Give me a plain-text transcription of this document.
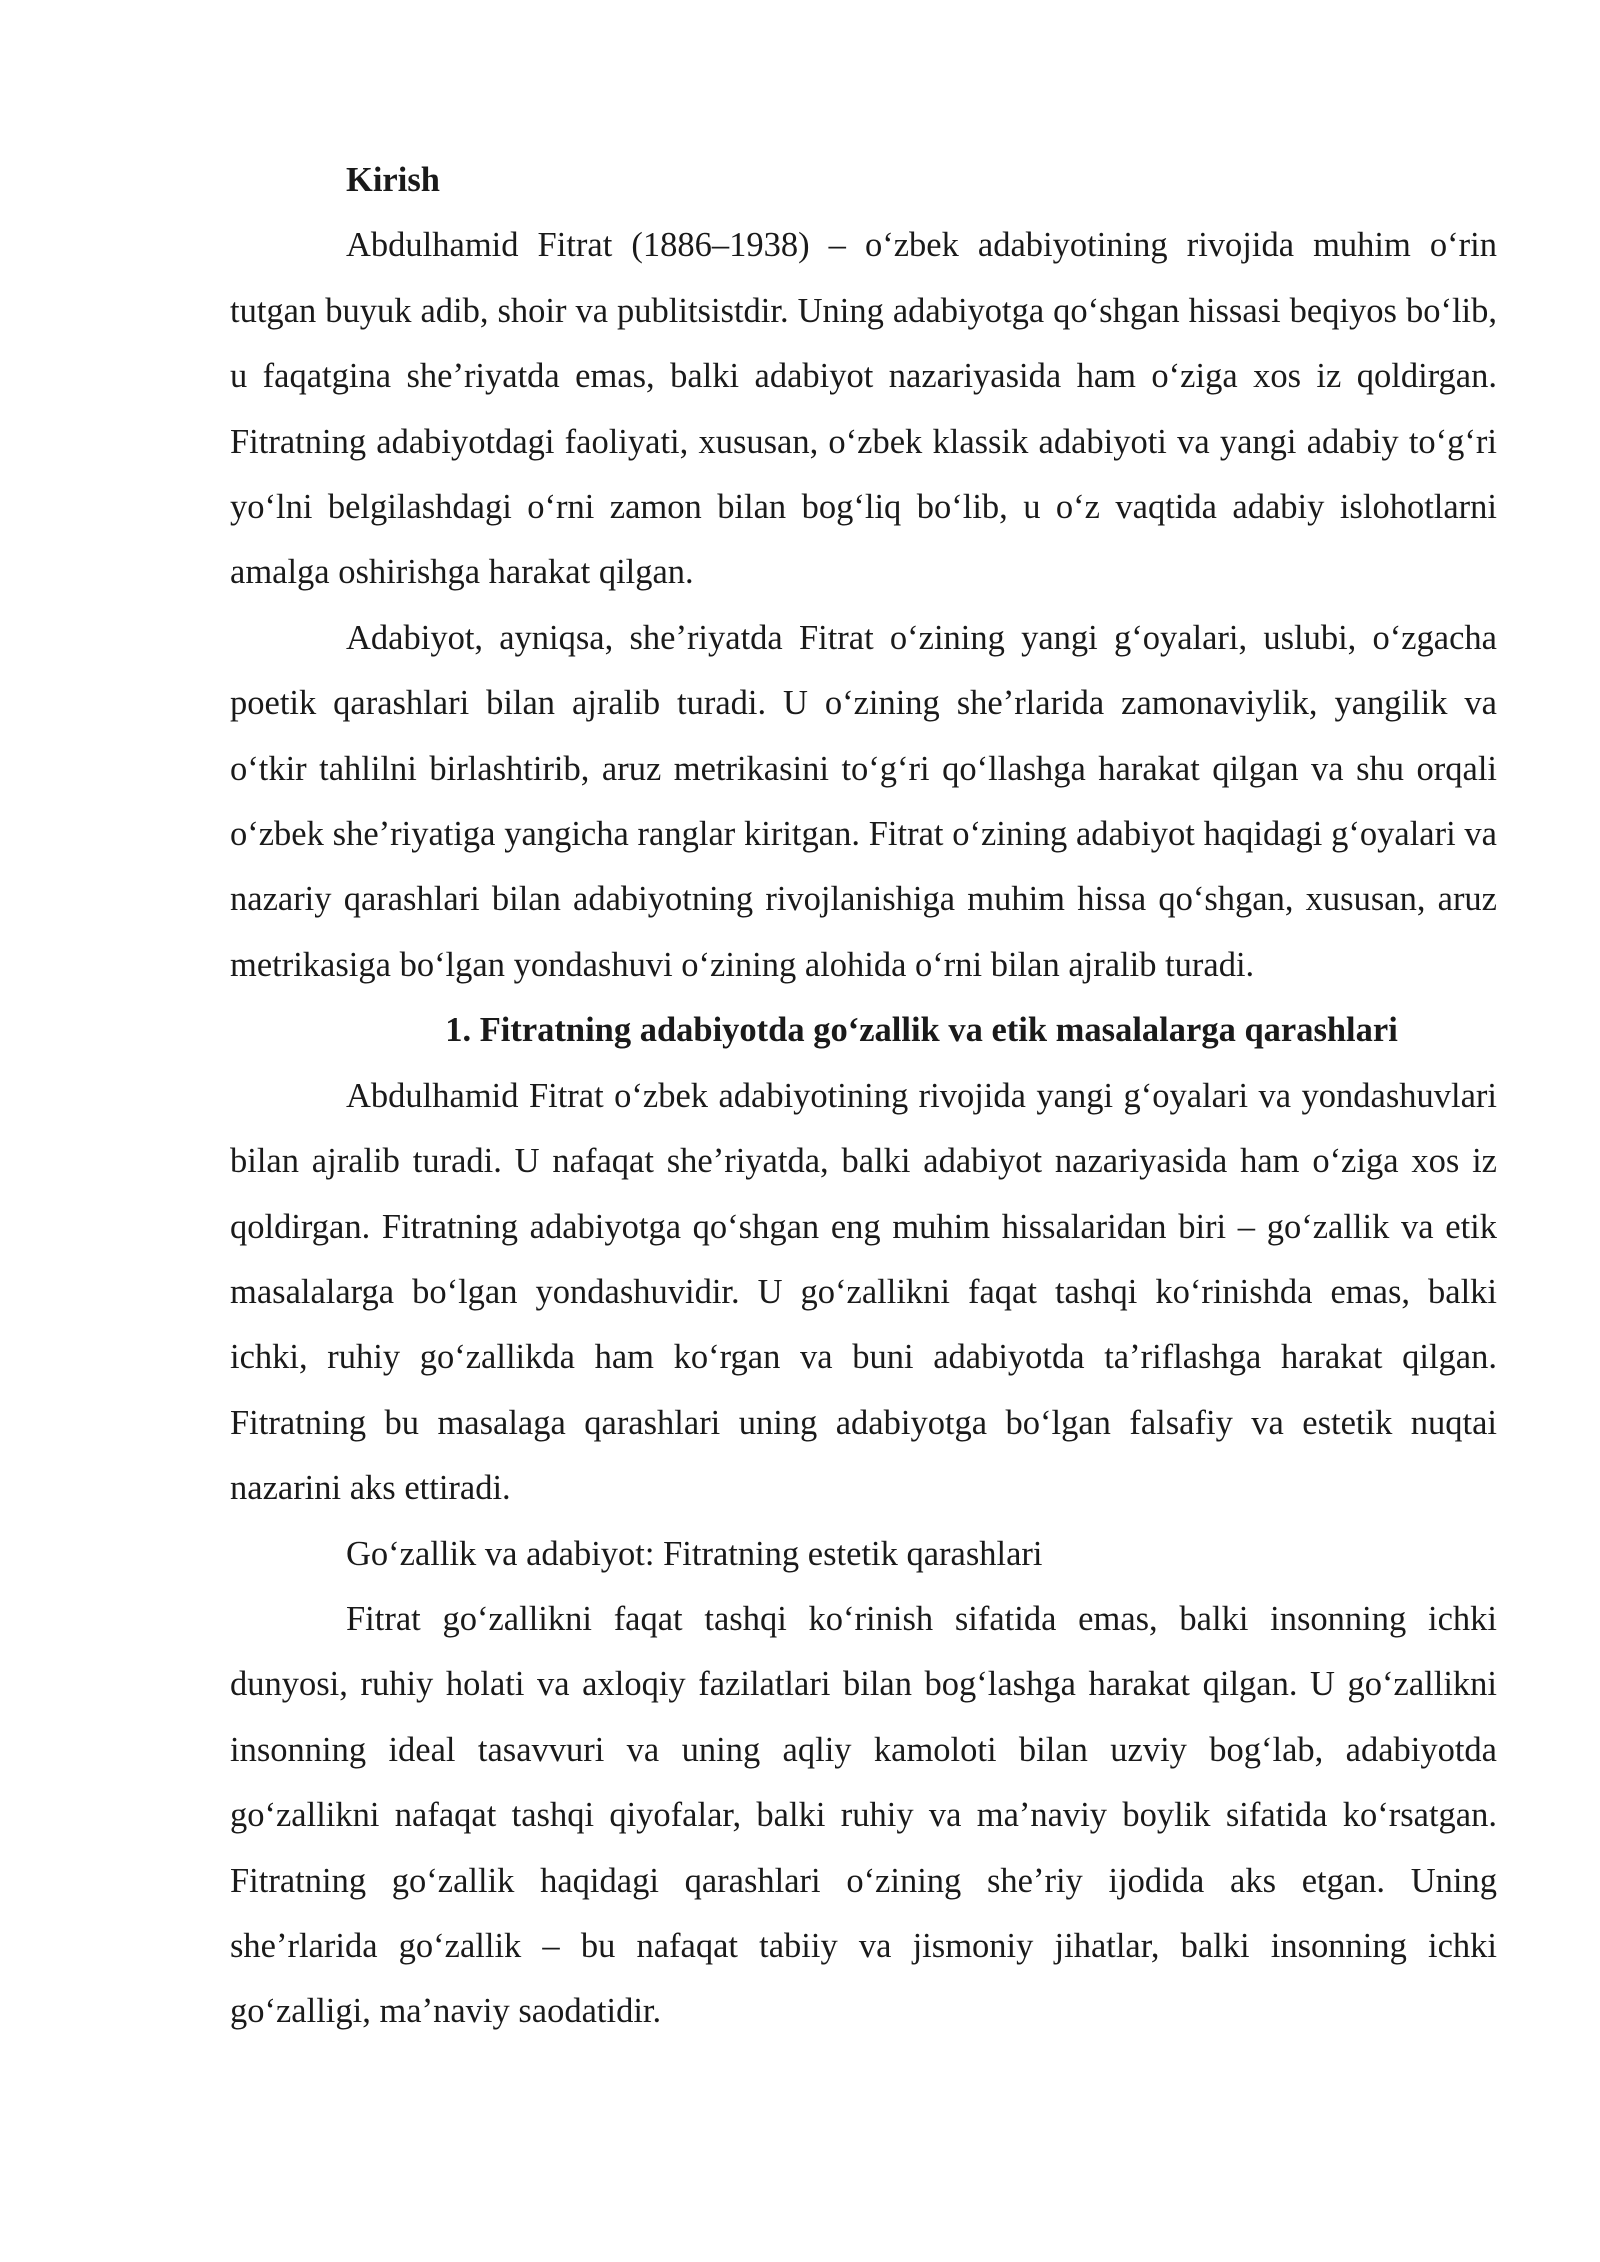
Kirish

Abdulhamid Fitrat (1886–1938) – oʻzbek adabiyotining rivojida muhim oʻrin tutgan buyuk adib, shoir va publitsistdir. Uning adabiyotga qoʻshgan hissasi beqiyos boʻlib, u faqatgina sheʼriyatda emas, balki adabiyot nazariyasida ham oʻziga xos iz qoldirgan. Fitratning adabiyotdagi faoliyati, xususan, oʻzbek klassik adabiyoti va yangi adabiy toʻgʻri yoʻlni belgilashdagi oʻrni zamon bilan bogʻliq boʻlib, u oʻz vaqtida adabiy islohotlarni amalga oshirishga harakat qilgan.

Adabiyot, ayniqsa, sheʼriyatda Fitrat oʻzining yangi gʻoyalari, uslubi, oʻzgacha poetik qarashlari bilan ajralib turadi. U oʻzining sheʼrlarida zamonaviylik, yangilik va oʻtkir tahlilni birlashtirib, aruz metrikasini toʻgʻri qoʻllashga harakat qilgan va shu orqali oʻzbek sheʼriyatiga yangicha ranglar kiritgan. Fitrat oʻzining adabiyot haqidagi gʻoyalari va nazariy qarashlari bilan adabiyotning rivojlanishiga muhim hissa qoʻshgan, xususan, aruz metrikasiga boʻlgan yondashuvi oʻzining alohida oʻrni bilan ajralib turadi.

1. Fitratning adabiyotda goʻzallik va etik masalalarga qarashlari

Abdulhamid Fitrat oʻzbek adabiyotining rivojida yangi gʻoyalari va yondashuvlari bilan ajralib turadi. U nafaqat sheʼriyatda, balki adabiyot nazariyasida ham oʻziga xos iz qoldirgan. Fitratning adabiyotga qoʻshgan eng muhim hissalaridan biri – goʻzallik va etik masalalarga boʻlgan yondashuvidir. U goʻzallikni faqat tashqi koʻrinishda emas, balki ichki, ruhiy goʻzallikda ham koʻrgan va buni adabiyotda taʼriflashga harakat qilgan. Fitratning bu masalaga qarashlari uning adabiyotga boʻlgan falsafiy va estetik nuqtai nazarini aks ettiradi.

Goʻzallik va adabiyot: Fitratning estetik qarashlari

Fitrat goʻzallikni faqat tashqi koʻrinish sifatida emas, balki insonning ichki dunyosi, ruhiy holati va axloqiy fazilatlari bilan bogʻlashga harakat qilgan. U goʻzallikni insonning ideal tasavvuri va uning aqliy kamoloti bilan uzviy bogʻlab, adabiyotda goʻzallikni nafaqat tashqi qiyofalar, balki ruhiy va maʼnaviy boylik sifatida koʻrsatgan. Fitratning goʻzallik haqidagi qarashlari oʻzining sheʼriy ijodida aks etgan. Uning sheʼrlarida goʻzallik – bu nafaqat tabiiy va jismoniy jihatlar, balki insonning ichki goʻzalligi, maʼnaviy saodatidir.
